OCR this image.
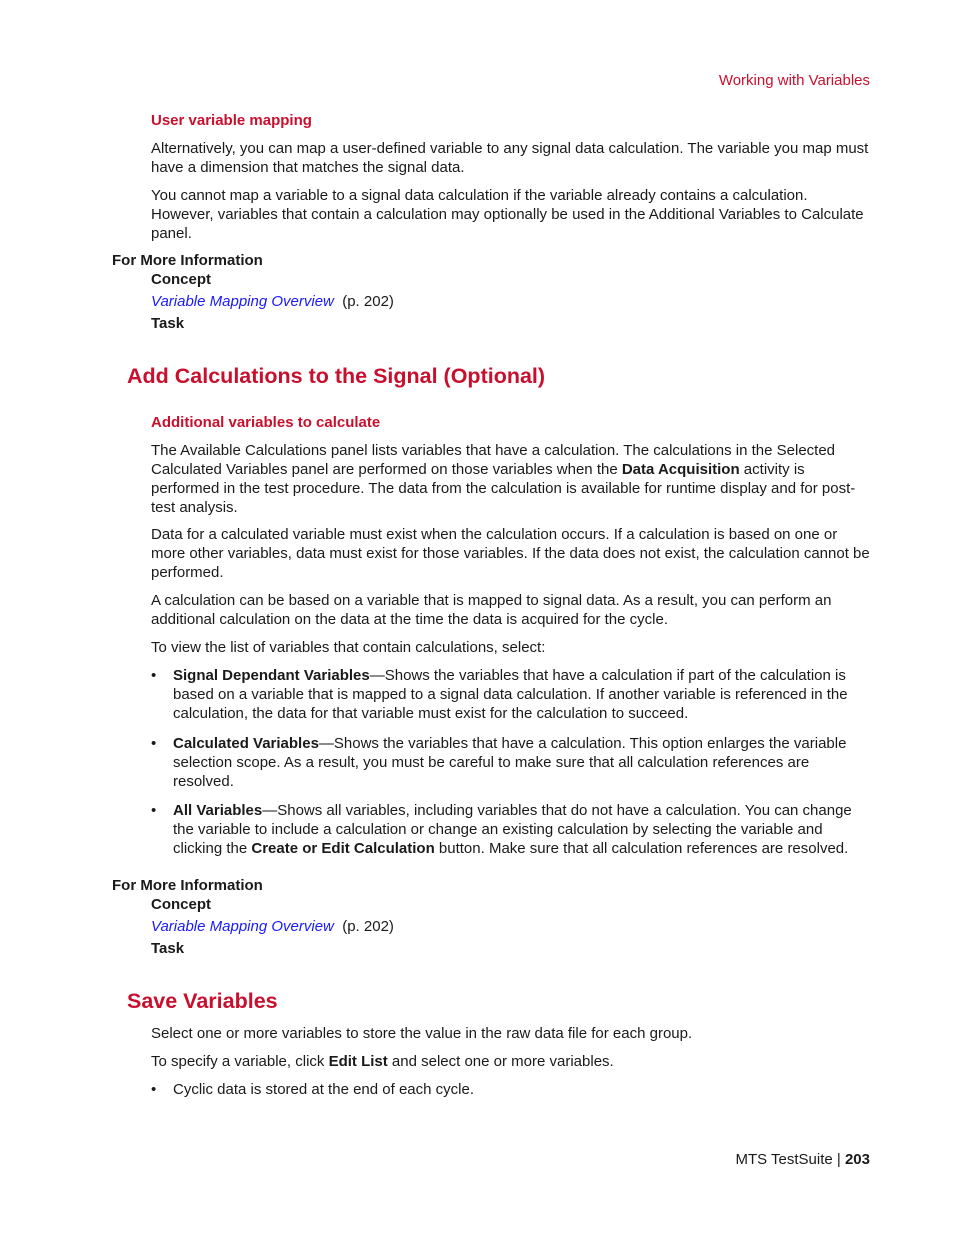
Working with Variables
User variable mapping

Alternatively, you can map a user-defined variable to any signal data calculation. The variable you map must have a dimension that matches the signal data.

You cannot map a variable to a signal data calculation if the variable already contains a calculation. However, variables that contain a calculation may optionally be used in the Additional Variables to Calculate panel.

For More Information
Concept
Variable Mapping Overview (p. 202)
Task
Add Calculations to the Signal (Optional)
Additional variables to calculate

The Available Calculations panel lists variables that have a calculation. The calculations in the Selected Calculated Variables panel are performed on those variables when the Data Acquisition activity is performed in the test procedure. The data from the calculation is available for runtime display and for post-test analysis.

Data for a calculated variable must exist when the calculation occurs. If a calculation is based on one or more other variables, data must exist for those variables. If the data does not exist, the calculation cannot be performed.

A calculation can be based on a variable that is mapped to signal data. As a result, you can perform an additional calculation on the data at the time the data is acquired for the cycle.

To view the list of variables that contain calculations, select:

• Signal Dependant Variables—Shows the variables that have a calculation if part of the calculation is based on a variable that is mapped to a signal data calculation. If another variable is referenced in the calculation, the data for that variable must exist for the calculation to succeed.
• Calculated Variables—Shows the variables that have a calculation. This option enlarges the variable selection scope. As a result, you must be careful to make sure that all calculation references are resolved.
• All Variables—Shows all variables, including variables that do not have a calculation. You can change the variable to include a calculation or change an existing calculation by selecting the variable and clicking the Create or Edit Calculation button. Make sure that all calculation references are resolved.
For More Information
Concept
Variable Mapping Overview (p. 202)
Task
Save Variables

Select one or more variables to store the value in the raw data file for each group.

To specify a variable, click Edit List and select one or more variables.

• Cyclic data is stored at the end of each cycle.
MTS TestSuite | 203
